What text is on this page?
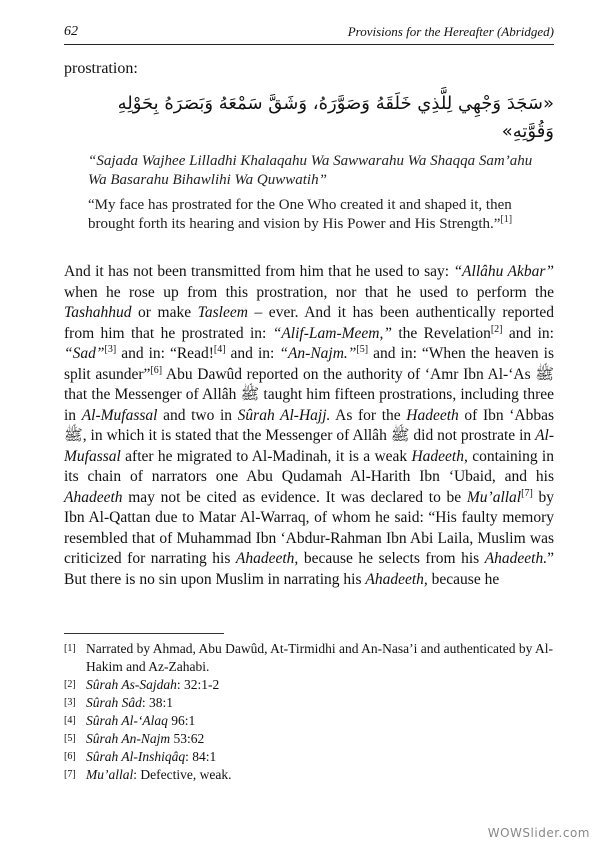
62	Provisions for the Hereafter (Abridged)
prostration:
«سَجَدَ وَجْهِي لِلَّذِي خَلَقَهُ وَصَوَّرَهُ، وَشَقَّ سَمْعَهُ وَبَصَرَهُ بِحَوْلِهِ وَقُوَّتِهِ»
“Sajada Wajhee Lilladhi Khalaqahu Wa Sawwarahu Wa Shaqqa Sam’ahu Wa Basarahu Bihawlihi Wa Quwwatih”
“My face has prostrated for the One Who created it and shaped it, then brought forth its hearing and vision by His Power and His Strength.”[1]
And it has not been transmitted from him that he used to say: “Allâhu Akbar” when he rose up from this prostration, nor that he used to perform the Tashahhud or make Tasleem – ever. And it has been authentically reported from him that he prostrated in: “Alif-Lam-Meem,” the Revelation[2] and in: “Sad”[3] and in: “Read![4] and in: “An-Najm.”[5] and in: “When the heaven is split asunder”[6] Abu Dawûd reported on the authority of ‘Amr Ibn Al-‘As ﷺ that the Messenger of Allâh ﷺ taught him fifteen prostrations, including three in Al-Mufassal and two in Sûrah Al-Hajj. As for the Hadeeth of Ibn ‘Abbas ﷺ, in which it is stated that the Messenger of Allâh ﷺ did not prostrate in Al-Mufassal after he migrated to Al-Madinah, it is a weak Hadeeth, containing in its chain of narrators one Abu Qudamah Al-Harith Ibn ‘Ubaid, and his Ahadeeth may not be cited as evidence. It was declared to be Mu’allal[7] by Ibn Al-Qattan due to Matar Al-Warraq, of whom he said: “His faulty memory resembled that of Muhammad Ibn ‘Abdur-Rahman Ibn Abi Laila, Muslim was criticized for narrating his Ahadeeth, because he selects from his Ahadeeth.” But there is no sin upon Muslim in narrating his Ahadeeth, because he
[1] Narrated by Ahmad, Abu Dawûd, At-Tirmidhi and An-Nasa’i and authenticated by Al-Hakim and Az-Zahabi.
[2] Sûrah As-Sajdah: 32:1-2
[3] Sûrah Sâd: 38:1
[4] Sûrah Al-‘Alaq 96:1
[5] Sûrah An-Najm 53:62
[6] Sûrah Al-Inshiqâq: 84:1
[7] Mu’allal: Defective, weak.
WOWSlider.com
